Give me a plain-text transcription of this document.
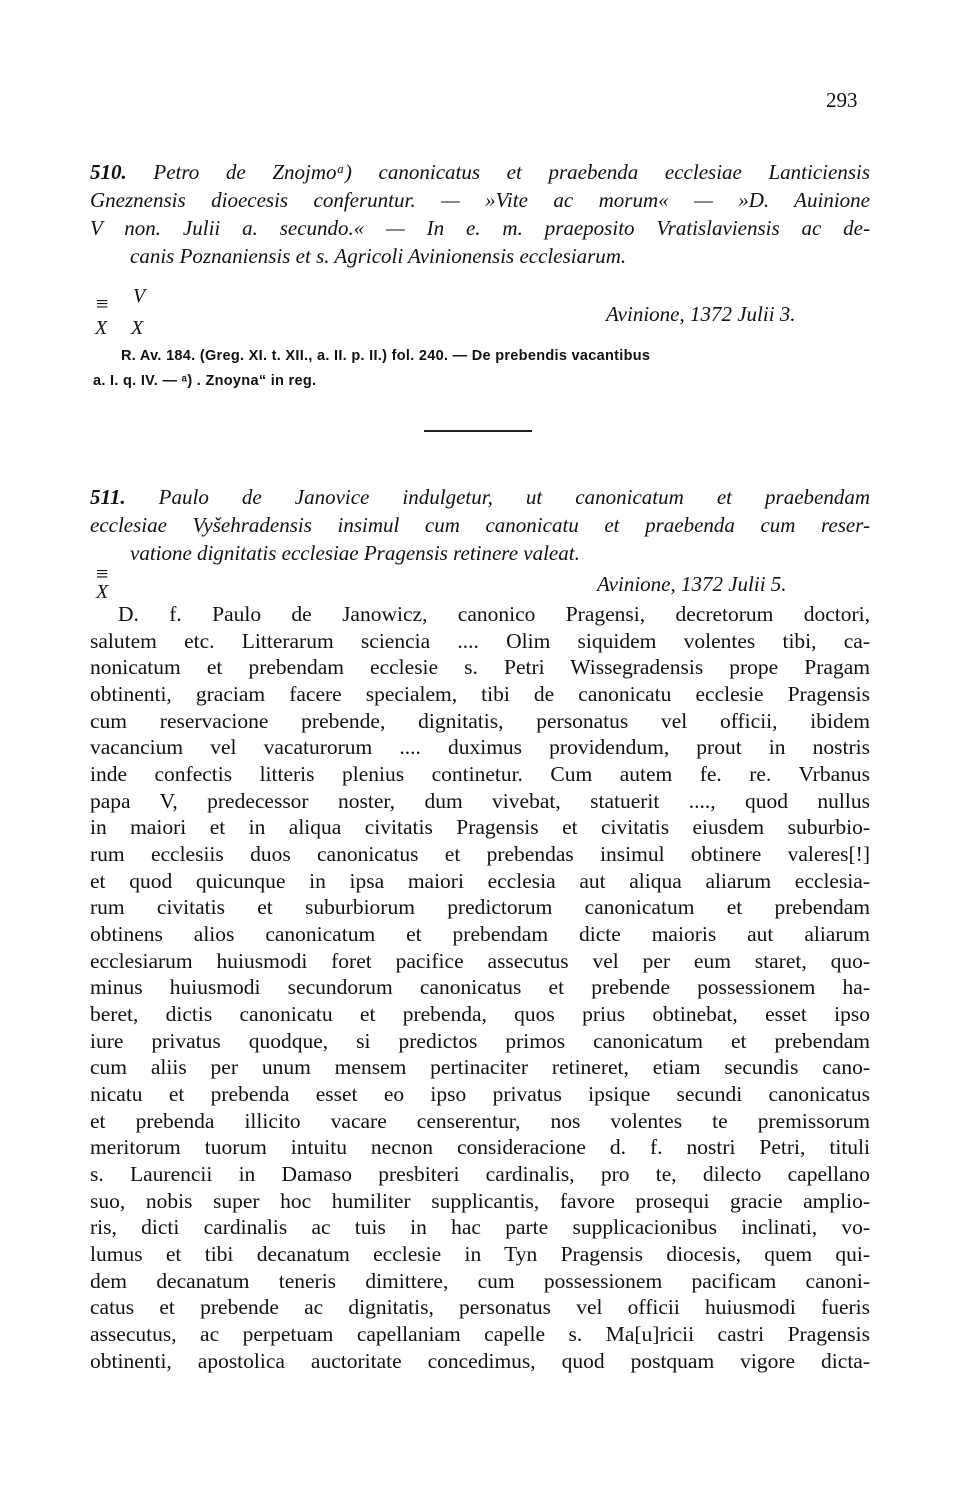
293
510. Petro de Znojmoᵃ) canonicatus et praebenda ecclesiae Lanticiensis
Gneznensis dioecesis conferuntur. — »Vite ac morum« — »D. Auinione
V non. Julii a. secundo.« — In e. m. praeposito Vratislaviensis ac de-
canis Poznaniensis et s. Agricoli Avinionensis ecclesiarum.
V
≡
X X
Avinione, 1372 Julii 3.
R. Av. 184. (Greg. XI. t. XII., a. II. p. II.) fol. 240. — De prebendis vacantibus
a. I. q. IV. — ᵃ) . Znoyna“ in reg.
511. Paulo de Janovice indulgetur, ut canonicatum et praebendam
ecclesiae Vyšehradensis insimul cum canonicatu et praebenda cum reser-
vatione dignitatis ecclesiae Pragensis retinere valeat.
≡
X	Avinione, 1372 Julii 5.
D. f. Paulo de Janowicz, canonico Pragensi, decretorum doctori,
salutem etc. Litterarum sciencia .... Olim siquidem volentes tibi, ca-
nonicatum et prebendam ecclesie s. Petri Wissegradensis prope Pragam
obtinenti, graciam facere specialem, tibi de canonicatu ecclesie Pragensis
cum reservacione prebende, dignitatis, personatus vel officii, ibidem
vacancium vel vacaturorum .... duximus providendum, prout in nostris
inde confectis litteris plenius continetur. Cum autem fe. re. Vrbanus
papa V, predecessor noster, dum vivebat, statuerit ...., quod nullus
in maiori et in aliqua civitatis Pragensis et civitatis eiusdem suburbio-
rum ecclesiis duos canonicatus et prebendas insimul obtinere valeres[!]
et quod quicunque in ipsa maiori ecclesia aut aliqua aliarum ecclesia-
rum civitatis et suburbiorum predictorum canonicatum et prebendam
obtinens alios canonicatum et prebendam dicte maioris aut aliarum
ecclesiarum huiusmodi foret pacifice assecutus vel per eum staret, quo-
minus huiusmodi secundorum canonicatus et prebende possessionem ha-
beret, dictis canonicatu et prebenda, quos prius obtinebat, esset ipso
iure privatus quodque, si predictos primos canonicatum et prebendam
cum aliis per unum mensem pertinaciter retineret, etiam secundis cano-
nicatu et prebenda esset eo ipso privatus ipsique secundi canonicatus
et prebenda illicito vacare censerentur, nos volentes te premissorum
meritorum tuorum intuitu necnon consideracione d. f. nostri Petri, tituli
s. Laurencii in Damaso presbiteri cardinalis, pro te, dilecto capellano
suo, nobis super hoc humiliter supplicantis, favore prosequi gracie amplio-
ris, dicti cardinalis ac tuis in hac parte supplicacionibus inclinati, vo-
lumus et tibi decanatum ecclesie in Tyn Pragensis diocesis, quem qui-
dem decanatum teneris dimittere, cum possessionem pacificam canoni-
catus et prebende ac dignitatis, personatus vel officii huiusmodi fueris
assecutus, ac perpetuam capellaniam capelle s. Ma[u]ricii castri Pragensis
obtinenti, apostolica auctoritate concedimus, quod postquam vigore dicta-
